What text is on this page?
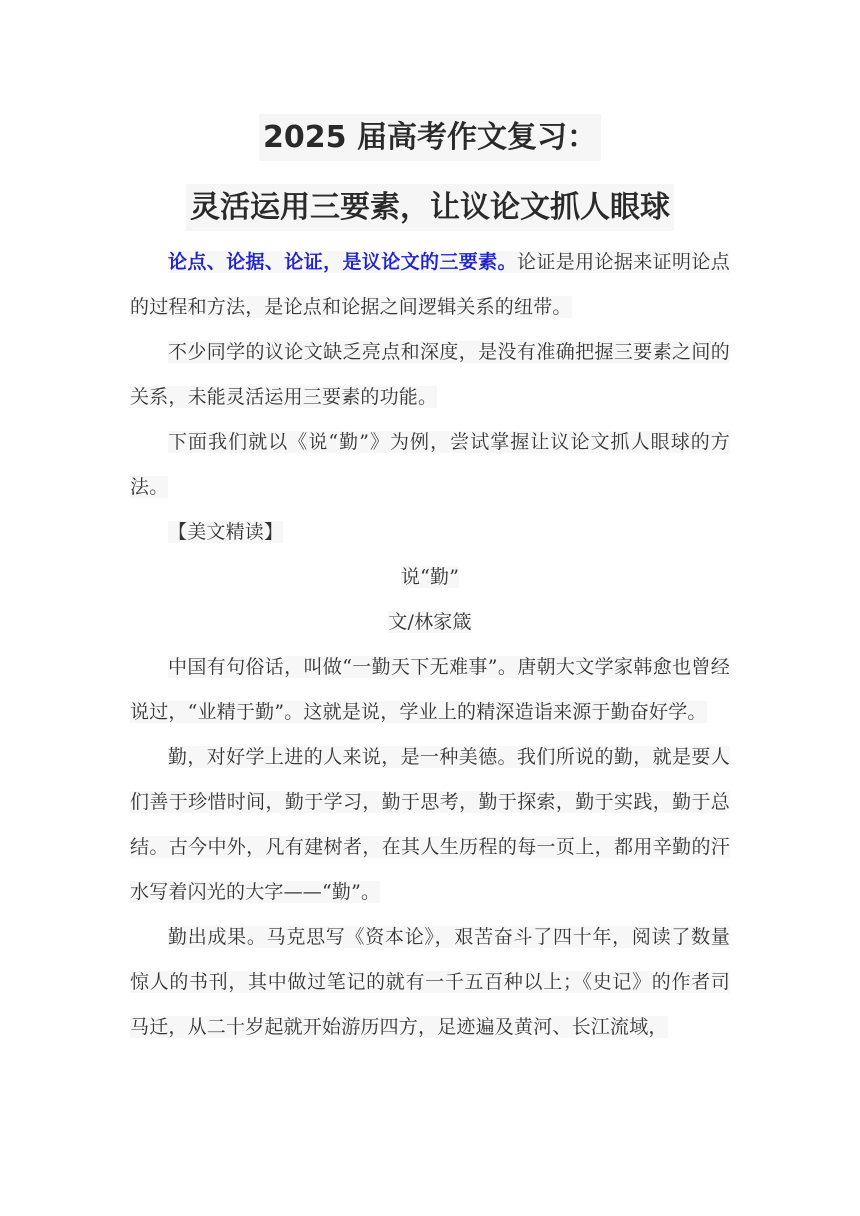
2025 届高考作文复习：
灵活运用三要素，让议论文抓人眼球

论点、论据、论证，是议论文的三要素。论证是用论据来证明论点的过程和方法，是论点和论据之间逻辑关系的纽带。

不少同学的议论文缺乏亮点和深度，是没有准确把握三要素之间的关系，未能灵活运用三要素的功能。

下面我们就以《说“勤”》为例，尝试掌握让议论文抓人眼球的方法。

【美文精读】

说“勤”

文/林家箴

中国有句俗话，叫做“一勤天下无难事”。唐朝大文学家韩愈也曾经说过，“业精于勤”。这就是说，学业上的精深造诣来源于勤奋好学。

勤，对好学上进的人来说，是一种美德。我们所说的勤，就是要人们善于珍惜时间，勤于学习，勤于思考，勤于探索，勤于实践，勤于总结。古今中外，凡有建树者，在其人生历程的每一页上，都用辛勤的汗水写着闪光的大字——“勤”。

勤出成果。马克思写《资本论》，艰苦奋斗了四十年，阅读了数量惊人的书刊，其中做过笔记的就有一千五百种以上；《史记》的作者司马迁，从二十岁起就开始游历四方，足迹遍及黄河、长江流域，
